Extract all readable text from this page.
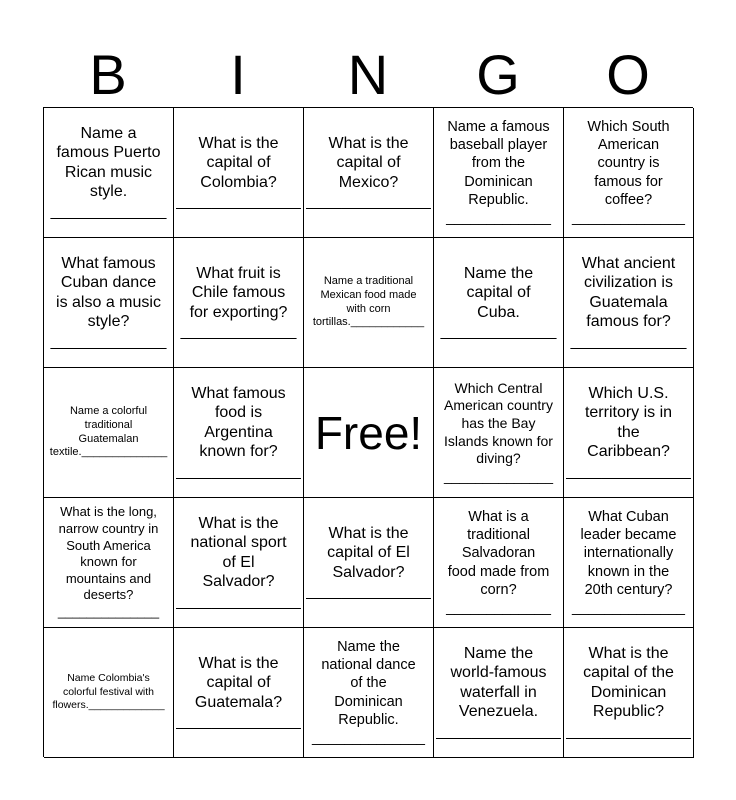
B	I	N	G	O
Name a
famous Puerto
Rican music
style.
_____________
What is the
capital of
Colombia?
______________
What is the
capital of
Mexico?
______________
Name a famous
baseball player
from the
Dominican
Republic.
_____________
Which South
American
country is
famous for
coffee?
______________
What famous
Cuban dance
is also a music
style?
_____________
What fruit is
Chile famous
for exporting?
_____________
Name a traditional
Mexican food made
with corn
tortillas.____________
Name the
capital of
Cuba.
_____________
What ancient
civilization is
Guatemala
famous for?
_____________
Name a colorful
traditional
Guatemalan
textile.______________
What famous
food is
Argentina
known for?
______________
Free!
Which Central
American country
has the Bay
Islands known for
diving?
______________
Which U.S.
territory is in
the
Caribbean?
______________
What is the long,
narrow country in
South America
known for
mountains and
deserts?
______________
What is the
national sport
of El
Salvador?
______________
What is the
capital of El
Salvador?
______________
What is a
traditional
Salvadoran
food made from
corn?
_____________
What Cuban
leader became
internationally
known in the
20th century?
______________
Name Colombia's
colorful festival with
flowers._____________
What is the
capital of
Guatemala?
______________
Name the
national dance
of the
Dominican
Republic.
______________
Name the
world-famous
waterfall in
Venezuela.
______________
What is the
capital of the
Dominican
Republic?
______________
